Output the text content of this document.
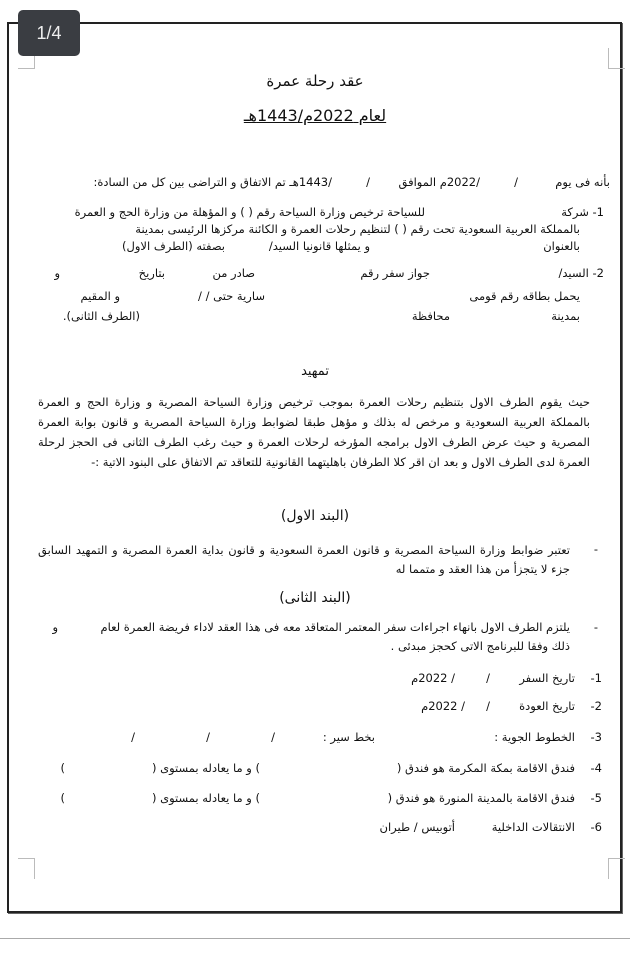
1/4
عقد رحلة عمرة
لعام 2022م/1443هـ
بأنه فى يوم
/
/2022م الموافق
/
/1443هـ تم الاتفاق و التراضى بين كل من السادة:
1- شركة
للسياحة ترخيص وزارة السياحة رقم ( ) و المؤهلة من وزارة الحج و العمرة
بالمملكة العربية السعودية تحت رقم ( ) لتنظيم رحلات العمرة و الكائنة مركزها الرئيسى بمدينة
بالعنوان
و يمثلها قانونيا السيد/
بصفته (الطرف الاول)
2- السيد/
جواز سفر رقم
صادر من
بتاريخ
و
يحمل بطاقه رقم قومى
سارية حتى / /
و المقيم
بمدينة
محافظة
(الطرف الثانى).
تمهيد
حيث يقوم الطرف الاول بتنظيم رحلات العمرة بموجب ترخيص وزارة السياحة المصرية و وزارة الحج و العمرة بالمملكة العربية السعودية و مرخص له بذلك و مؤهل طبقا لضوابط وزارة السياحة المصرية و قانون بوابة العمرة المصرية و حيث عرض الطرف الاول برامجه المؤرخه لرحلات العمرة و حيث رغب الطرف الثانى فى الحجز لرحلة العمرة لدى الطرف الاول و بعد ان اقر كلا الطرفان باهليتهما القانونية للتعاقد تم الاتفاق على البنود الاتية :-
(البند الاول)
-
تعتبر ضوابط وزارة السياحة المصرية و قانون العمرة السعودية و قانون بداية العمرة المصرية و التمهيد السابق جزء لا يتجزأ من هذا العقد و متمما له
(البند الثانى)
-
يلتزم الطرف الاول بانهاء اجراءات سفر المعتمر المتعاقد معه فى هذا العقد لاداء فريضة العمرة لعام
و
ذلك وفقا للبرنامج الاتى كحجز مبدئى .
1-
تاريخ السفر
/
/ 2022م
2-
تاريخ العودة
/
/ 2022م
3-
الخطوط الجوية :
بخط سير :
/
/
/
4-
فندق الاقامة بمكة المكرمة هو فندق (
) و ما يعادله بمستوى (
)
5-
فندق الاقامة بالمدينة المنورة هو فندق (
) و ما يعادله بمستوى (
)
6-
الانتقالات الداخلية
أتوبيس / طيران
